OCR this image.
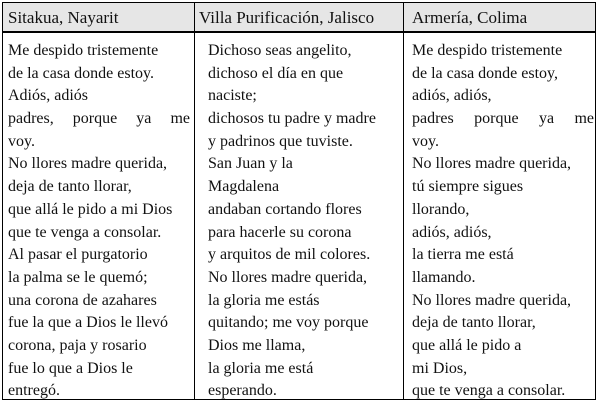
Sitakua, Nayarit	Villa Purificación, Jalisco	Armería, Colima
Me despido tristemente
de la casa donde estoy.
Adiós, adiós
padres, porque ya me
voy.
No llores madre querida,
deja de tanto llorar,
que allá le pido a mi Dios
que te venga a consolar.
Al pasar el purgatorio
la palma se le quemó;
una corona de azahares
fue la que a Dios le llevó
corona, paja y rosario
fue lo que a Dios le
entregó.
Dichoso seas angelito,
dichoso el día en que
naciste;
dichosos tu padre y madre
y padrinos que tuviste.
San Juan y la
Magdalena
andaban cortando flores
para hacerle su corona
y arquitos de mil colores.
No llores madre querida,
la gloria me estás
quitando; me voy porque
Dios me llama,
la gloria me está
esperando.
Me despido tristemente
de la casa donde estoy,
adiós, adiós,
padres porque ya me
voy.
No llores madre querida,
tú siempre sigues
llorando,
adiós, adiós,
la tierra me está
llamando.
No llores madre querida,
deja de tanto llorar,
que allá le pido a
mi Dios,
que te venga a consolar.
